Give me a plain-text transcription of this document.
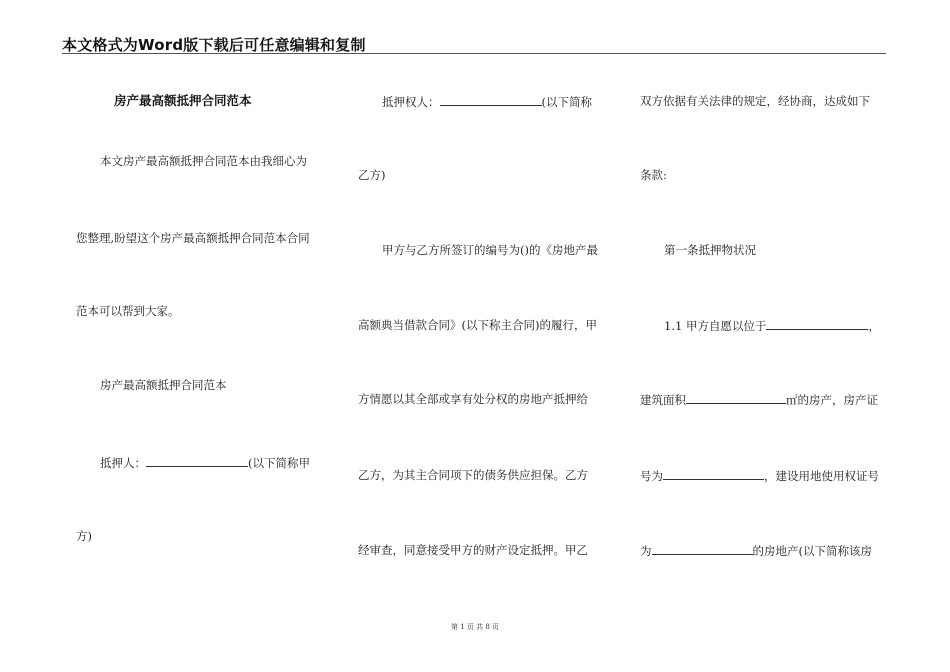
本文格式为Word版下载后可任意编辑和复制
房产最高额抵押合同范本
本文房产最高额抵押合同范本由我细心为
您整理,盼望这个房产最高额抵押合同范本合同
范本可以帮到大家。
房产最高额抵押合同范本
抵押人：	(以下简称甲
方)
抵押权人：	(以下简称
乙方)
甲方与乙方所签订的编号为()的《房地产最
高额典当借款合同》(以下称主合同)的履行，甲
方情愿以其全部或享有处分权的房地产抵押给
乙方，为其主合同项下的债务供应担保。乙方
经审查，同意接受甲方的财产设定抵押。甲乙
双方依据有关法律的规定，经协商，达成如下
条款:
第一条抵押物状况
1.1 甲方自愿以位于	，
建筑面积	㎡的房产，房产证
号为	，建设用地使用权证号
为	的房地产(以下简称该房
第 1 页 共 8 页
